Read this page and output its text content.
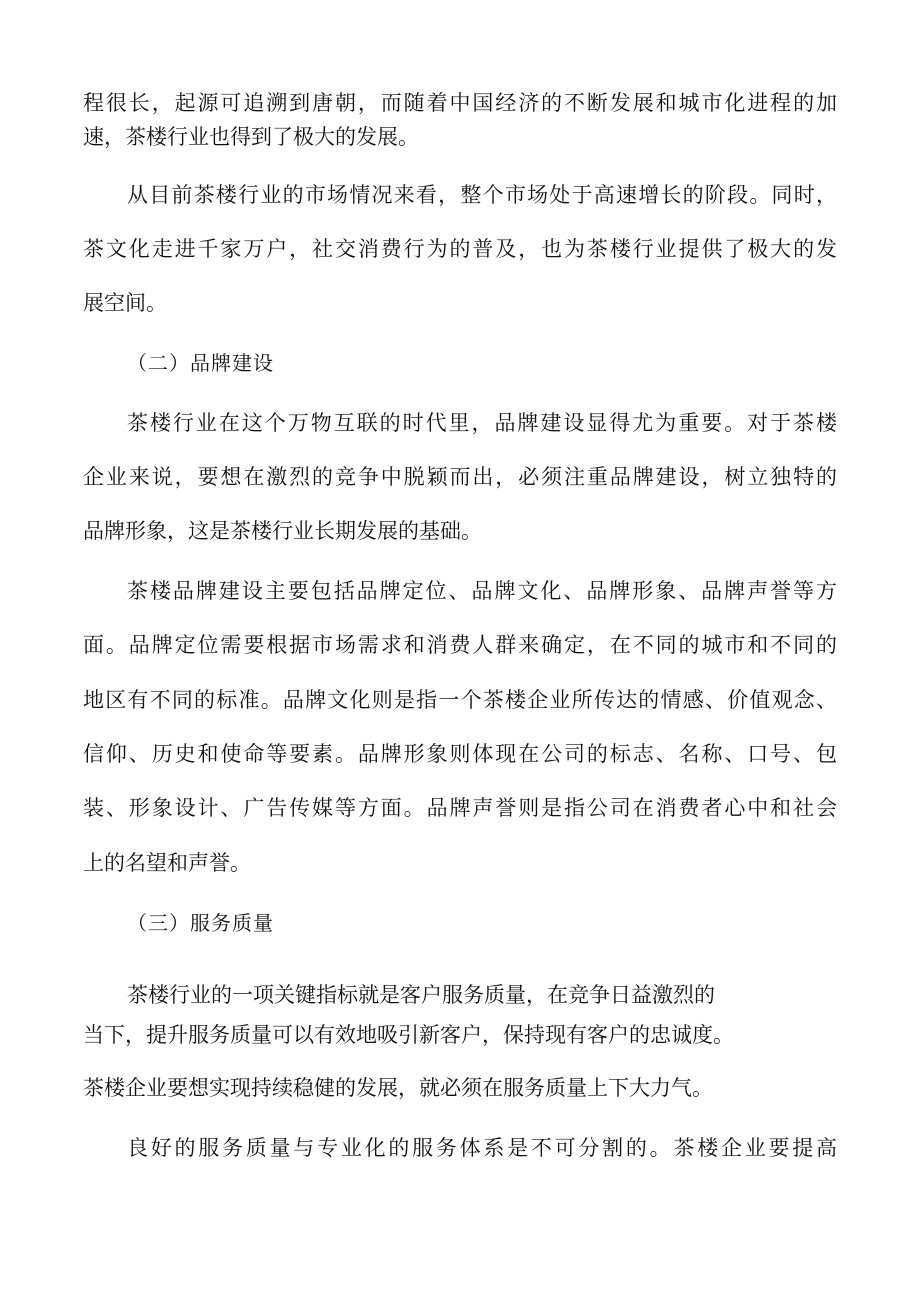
程很长，起源可追溯到唐朝，而随着中国经济的不断发展和城市化进程的加
速，茶楼行业也得到了极大的发展。
从目前茶楼行业的市场情况来看，整个市场处于高速增长的阶段。同时，
茶文化走进千家万户，社交消费行为的普及，也为茶楼行业提供了极大的发
展空间。
（二）品牌建设
茶楼行业在这个万物互联的时代里，品牌建设显得尤为重要。对于茶楼
企业来说，要想在激烈的竞争中脱颖而出，必须注重品牌建设，树立独特的
品牌形象，这是茶楼行业长期发展的基础。
茶楼品牌建设主要包括品牌定位、品牌文化、品牌形象、品牌声誉等方
面。品牌定位需要根据市场需求和消费人群来确定，在不同的城市和不同的
地区有不同的标准。品牌文化则是指一个茶楼企业所传达的情感、价值观念、
信仰、历史和使命等要素。品牌形象则体现在公司的标志、名称、口号、包
装、形象设计、广告传媒等方面。品牌声誉则是指公司在消费者心中和社会
上的名望和声誉。
（三）服务质量
茶楼行业的一项关键指标就是客户服务质量，在竞争日益激烈的
当下，提升服务质量可以有效地吸引新客户，保持现有客户的忠诚度。
茶楼企业要想实现持续稳健的发展，就必须在服务质量上下大力气。
良好的服务质量与专业化的服务体系是不可分割的。茶楼企业要提高
